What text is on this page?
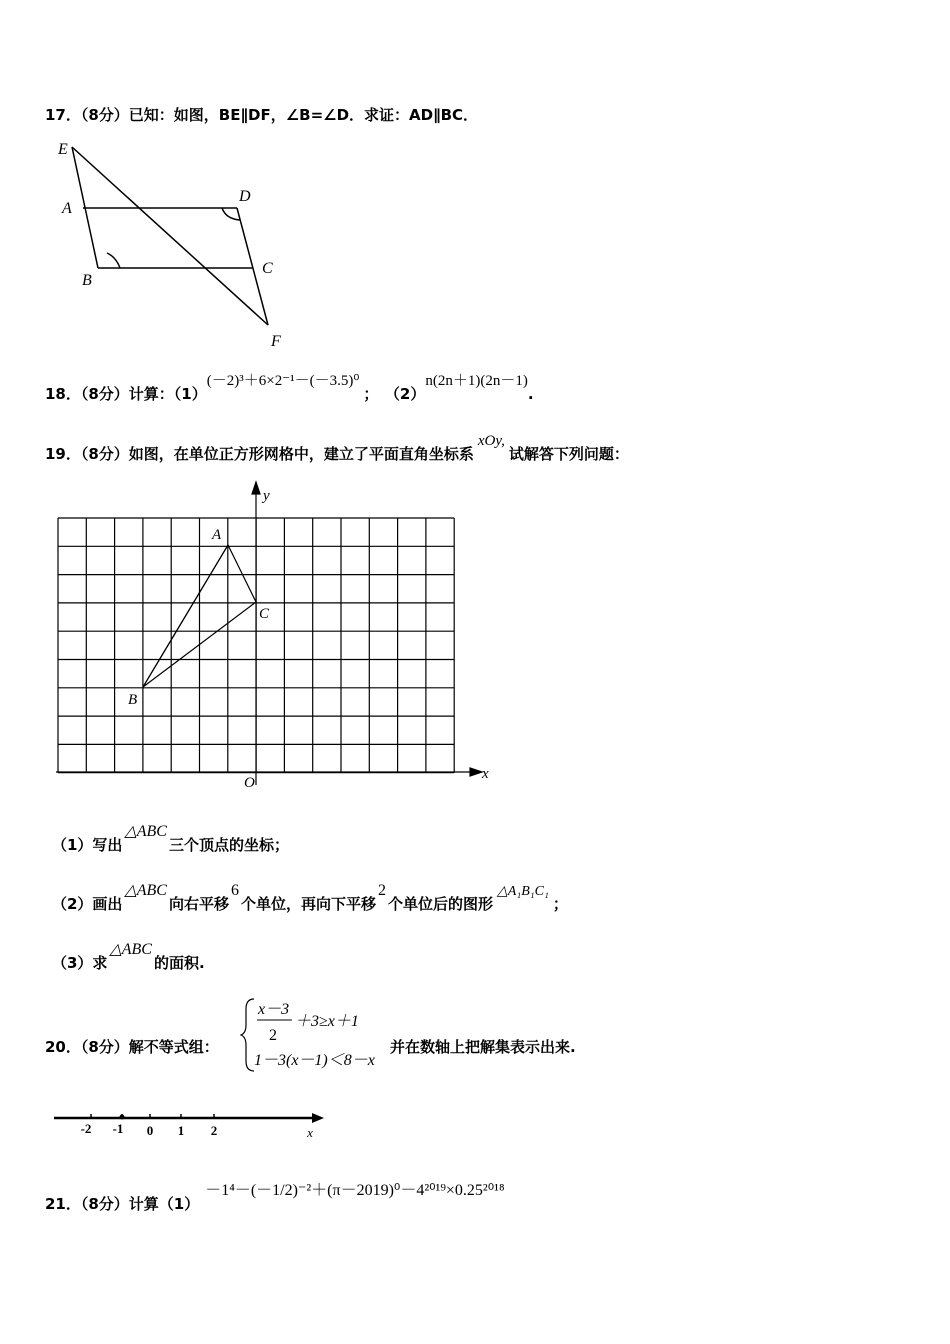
17．（8分）已知：如图，BE∥DF，∠B=∠D．求证：AD∥BC．
E
A
D
B
C
F
18．（8分）计算：（1）(－2)³＋6×2⁻¹－(－3.5)⁰； （2）n(2n＋1)(2n－1).
19．（8分）如图，在单位正方形网格中，建立了平面直角坐标系xOy,试解答下列问题：
y
x
O
A
B
C
（1）写出△ABC三个顶点的坐标；
（2）画出△ABC向右平移6个单位，再向下平移2个单位后的图形△A₁B₁C₁；
（3）求△ABC的面积.
20．（8分）解不等式组：
x－3
2
＋3≥x＋1
1－3(x－1)＜8－x
并在数轴上把解集表示出来.
-2 -1 0 1 2	x
21．（8分）计算（1）－1⁴－(－1/2)⁻²＋(π－2019)⁰－4²⁰¹⁹×0.25²⁰¹⁸
